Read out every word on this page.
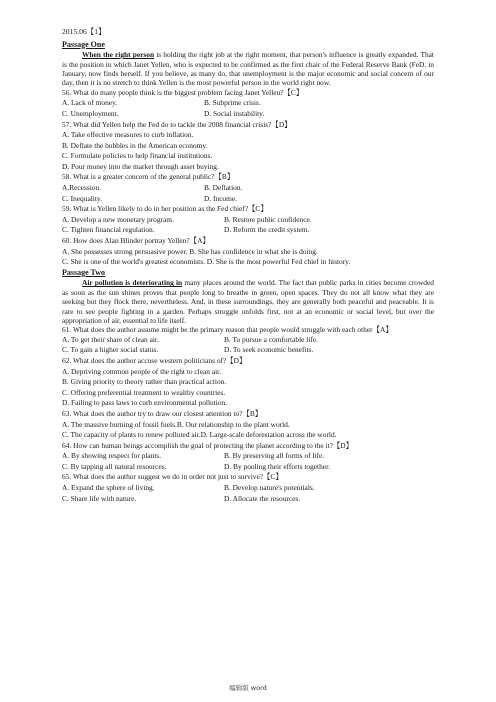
2015.06【1】
Passage One
When the right person is holding the right job at the right moment, that person's influence is greatly expanded. That is the position in which Janet Yellen, who is expected to be confirmed as the first chair of the Federal Reserve Bank (FeD. in January, now finds herself. If you believe, as many do, that unemployment is the major economic and social concern of our day, then it is no stretch to think Yellen is the most powerful person in the world right now.
56. What do many people think is the biggest problem facing Janet Yellen?【C】
A. Lack of money.	B. Subprime crisis.
C. Unemployment.	D. Social instability.
57. What did Yellen help the Fed do to tackle the 2008 financial crisis?【D】
A. Take effective measures to curb inflation.
B. Deflate the bubbles in the American economy.
C. Formulate policies to help financial institutions.
D. Pour money into the market through asset buying.
58. What is a greater concern of the general public?【B】
A.Recession.	B. Deflation.
C. Inequality.	D. Income.
59. What is Yellen likely to do in her position as the Fed chief?【C】
A. Develop a new monetary program.	B. Restore public confidence.
C. Tighten financial regulation.	D. Reform the credit system.
60. How does Alan Blinder portray Yellen?【A】
A. She possesses strong persuasive power. B. She has confidence in what she is doing.
C. She is one of the world's greatest economists. D. She is the most powerful Fed chief in history.
Passage Two
Air pollution is deteriorating in many places around the world. The fact that public parks in cities become crowded as soon as the sun shines proves that people long to breathe in green, open spaces. They do not all know what they are seeking but they flock there, nevertheless. And, in these surroundings, they are generally both peaceful and peaceable. It is rare to see people fighting in a garden. Perhaps struggle unfolds first, not at an economic or social level, but over the appropriation of air, essential to life itself.
61. What does the author assume might be the primary reason that people would struggle with each other【A】
A. To get their share of clean air.	B. To pursue a comfortable life.
C. To gain a higher social status.	D. To seek economic benefits.
62. What does the author accuse western politicians of?【D】
A. Depriving common people of the right to clean air.
B. Giving priority to theory rather than practical action.
C. Offering preferential treatment to wealthy countries.
D. Failing to pass laws to curb environmental pollution.
63. What does the author try to draw our closest attention to?【B】
A. The massive burning of fossil fuels.B. Our relationship to the plant world.
C. The capacity of plants to renew polluted air.D. Large-scale deforestation across the world.
64. How can human beings accomplish the goal of protecting the planet according to the it?【D】
A. By showing respect for plants.	B. By preserving all forms of life.
C. By tapping all natural resources.	D. By pooling their efforts together.
65. What does the author suggest we do in order not just to survive?【C】
A. Expand the sphere of living.	B. Develop nature's potentials.
C. Share life with nature.	D. Allocate the resources.
编辑版 word
